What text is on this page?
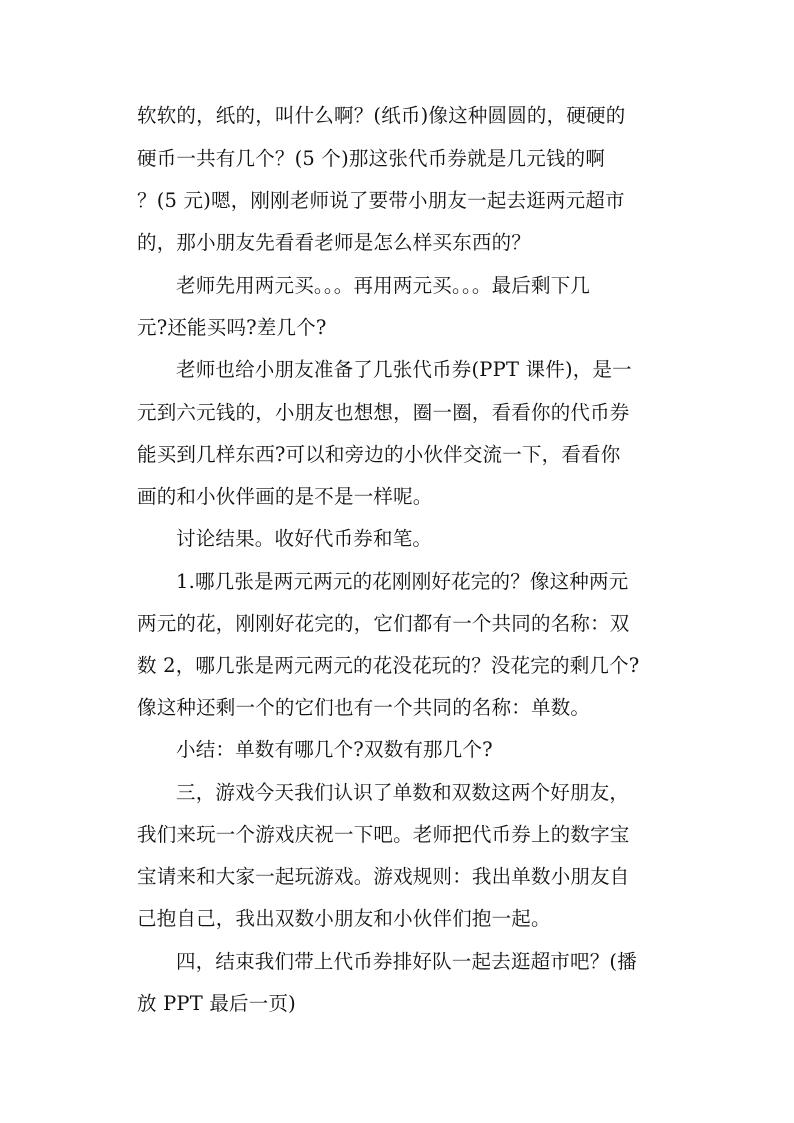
软软的，纸的，叫什么啊？(纸币)像这种圆圆的，硬硬的
硬币一共有几个？(5 个)那这张代币券就是几元钱的啊
？(5 元)嗯，刚刚老师说了要带小朋友一起去逛两元超市
的，那小朋友先看看老师是怎么样买东西的？
老师先用两元买。。。再用两元买。。。最后剩下几
元?还能买吗?差几个?
老师也给小朋友准备了几张代币券(PPT 课件)，是一
元到六元钱的，小朋友也想想，圈一圈，看看你的代币券
能买到几样东西?可以和旁边的小伙伴交流一下，看看你
画的和小伙伴画的是不是一样呢。
讨论结果。收好代币券和笔。
1.哪几张是两元两元的花刚刚好花完的？像这种两元
两元的花，刚刚好花完的，它们都有一个共同的名称：双
数 2，哪几张是两元两元的花没花玩的？没花完的剩几个?
像这种还剩一个的它们也有一个共同的名称：单数。
小结：单数有哪几个?双数有那几个?
三，游戏今天我们认识了单数和双数这两个好朋友，
我们来玩一个游戏庆祝一下吧。老师把代币券上的数字宝
宝请来和大家一起玩游戏。游戏规则：我出单数小朋友自
己抱自己，我出双数小朋友和小伙伴们抱一起。
四，结束我们带上代币券排好队一起去逛超市吧？(播
放 PPT 最后一页)
